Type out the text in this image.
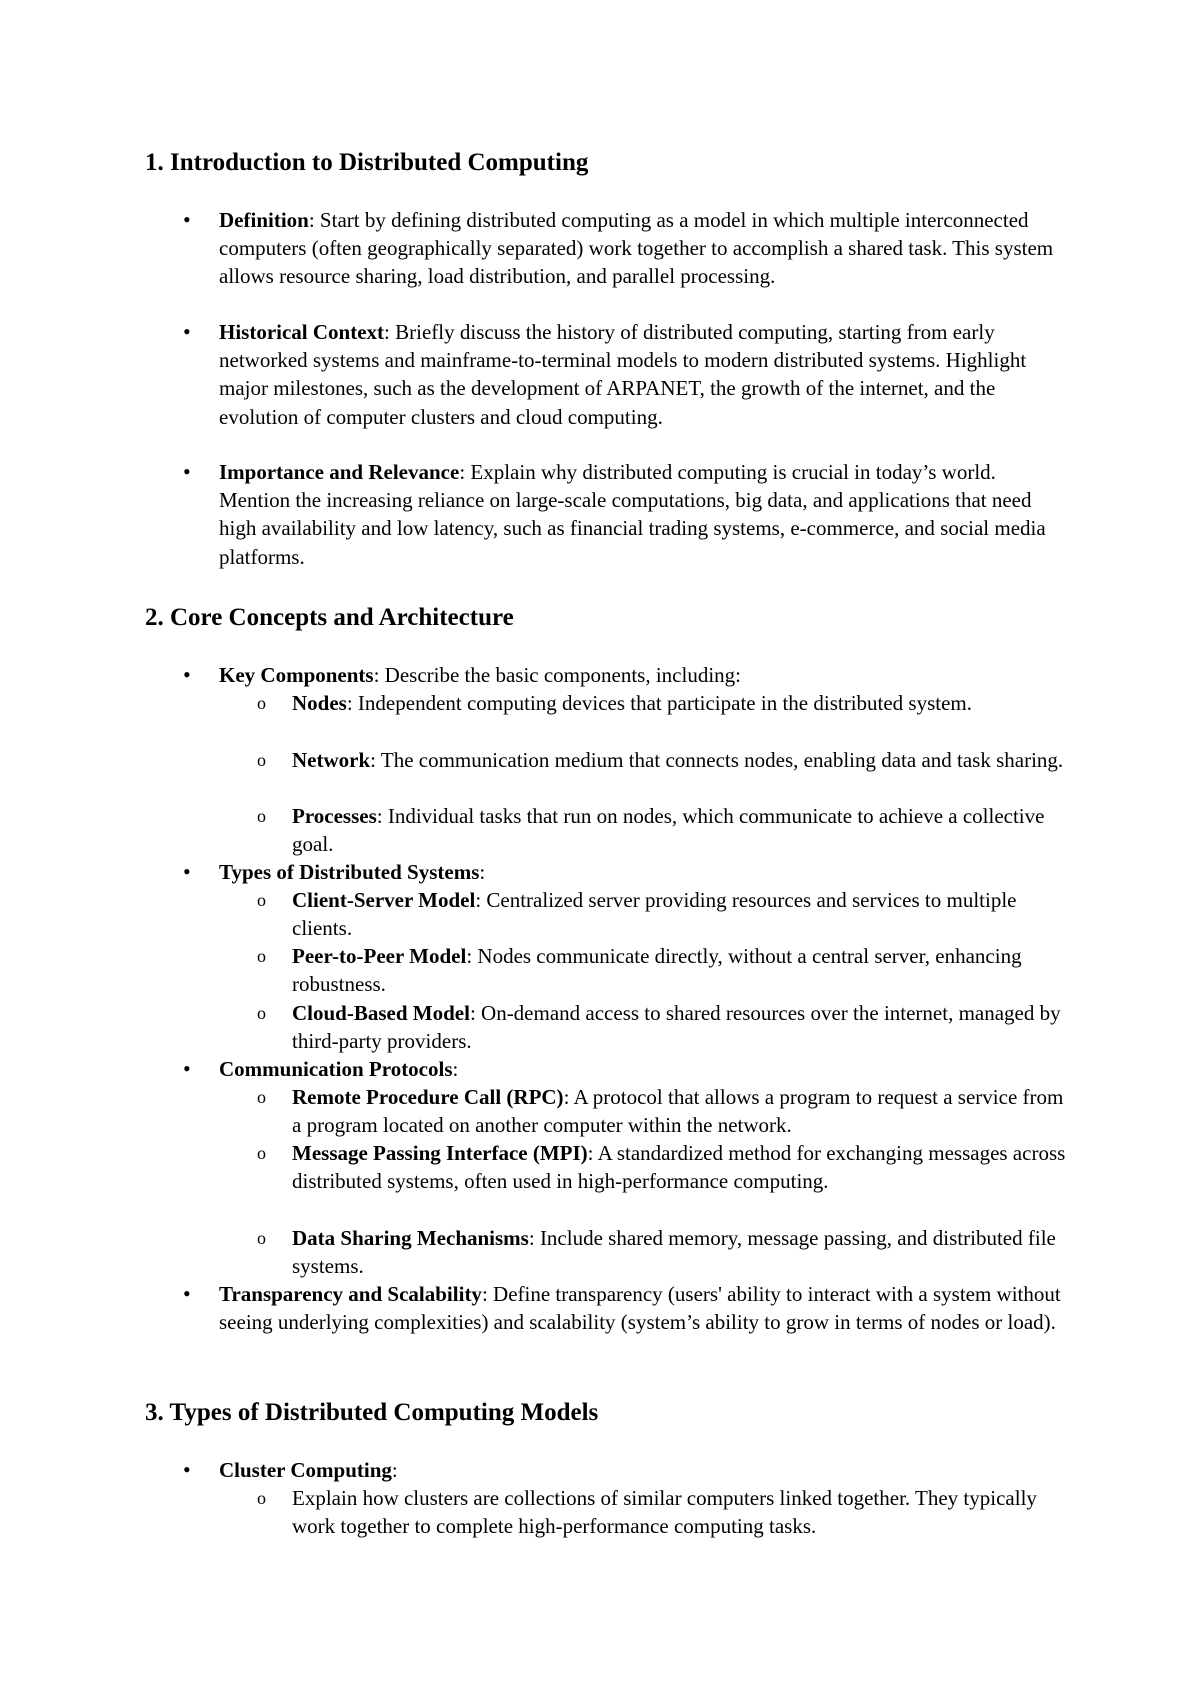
1. Introduction to Distributed Computing
• Definition: Start by defining distributed computing as a model in which multiple interconnected computers (often geographically separated) work together to accomplish a shared task. This system allows resource sharing, load distribution, and parallel processing.
• Historical Context: Briefly discuss the history of distributed computing, starting from early networked systems and mainframe-to-terminal models to modern distributed systems. Highlight major milestones, such as the development of ARPANET, the growth of the internet, and the evolution of computer clusters and cloud computing.
• Importance and Relevance: Explain why distributed computing is crucial in today’s world. Mention the increasing reliance on large-scale computations, big data, and applications that need high availability and low latency, such as financial trading systems, e-commerce, and social media platforms.
2. Core Concepts and Architecture
• Key Components: Describe the basic components, including:
o Nodes: Independent computing devices that participate in the distributed system.
o Network: The communication medium that connects nodes, enabling data and task sharing.
o Processes: Individual tasks that run on nodes, which communicate to achieve a collective goal.
• Types of Distributed Systems:
o Client-Server Model: Centralized server providing resources and services to multiple clients.
o Peer-to-Peer Model: Nodes communicate directly, without a central server, enhancing robustness.
o Cloud-Based Model: On-demand access to shared resources over the internet, managed by third-party providers.
• Communication Protocols:
o Remote Procedure Call (RPC): A protocol that allows a program to request a service from a program located on another computer within the network.
o Message Passing Interface (MPI): A standardized method for exchanging messages across distributed systems, often used in high-performance computing.
o Data Sharing Mechanisms: Include shared memory, message passing, and distributed file systems.
• Transparency and Scalability: Define transparency (users' ability to interact with a system without seeing underlying complexities) and scalability (system’s ability to grow in terms of nodes or load).
3. Types of Distributed Computing Models
• Cluster Computing:
o Explain how clusters are collections of similar computers linked together. They typically work together to complete high-performance computing tasks.
